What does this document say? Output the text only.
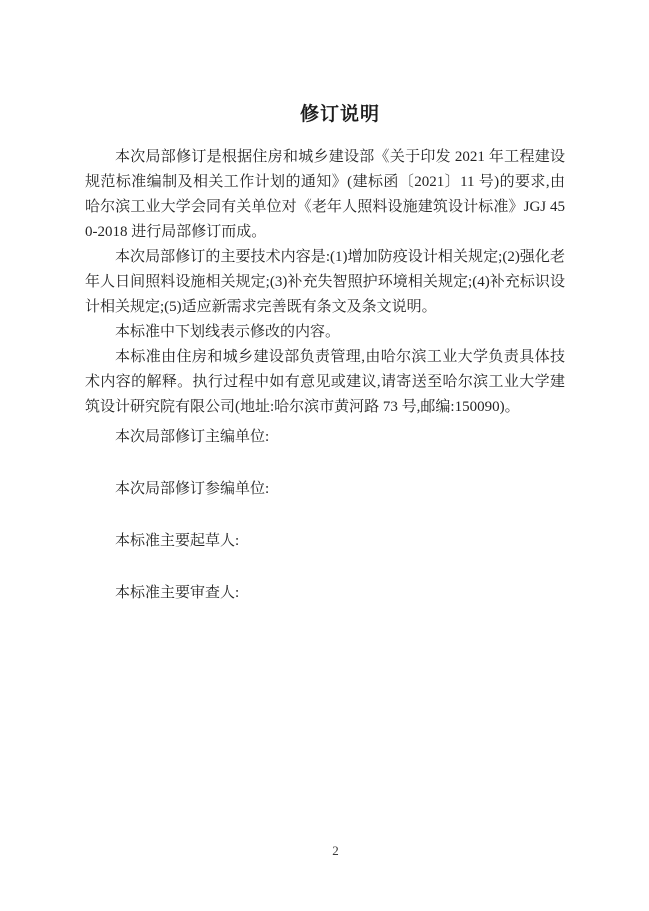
修订说明

本次局部修订是根据住房和城乡建设部《关于印发 2021 年工程建设规范标准编制及相关工作计划的通知》(建标函〔2021〕11 号)的要求,由哈尔滨工业大学会同有关单位对《老年人照料设施建筑设计标准》JGJ 450-2018 进行局部修订而成。

本次局部修订的主要技术内容是:(1)增加防疫设计相关规定;(2)强化老年人日间照料设施相关规定;(3)补充失智照护环境相关规定;(4)补充标识设计相关规定;(5)适应新需求完善既有条文及条文说明。

本标准中下划线表示修改的内容。

本标准由住房和城乡建设部负责管理,由哈尔滨工业大学负责具体技术内容的解释。执行过程中如有意见或建议,请寄送至哈尔滨工业大学建筑设计研究院有限公司(地址:哈尔滨市黄河路 73 号,邮编:150090)。

本次局部修订主编单位:

本次局部修订参编单位:

本标准主要起草人:

本标准主要审查人:

2
